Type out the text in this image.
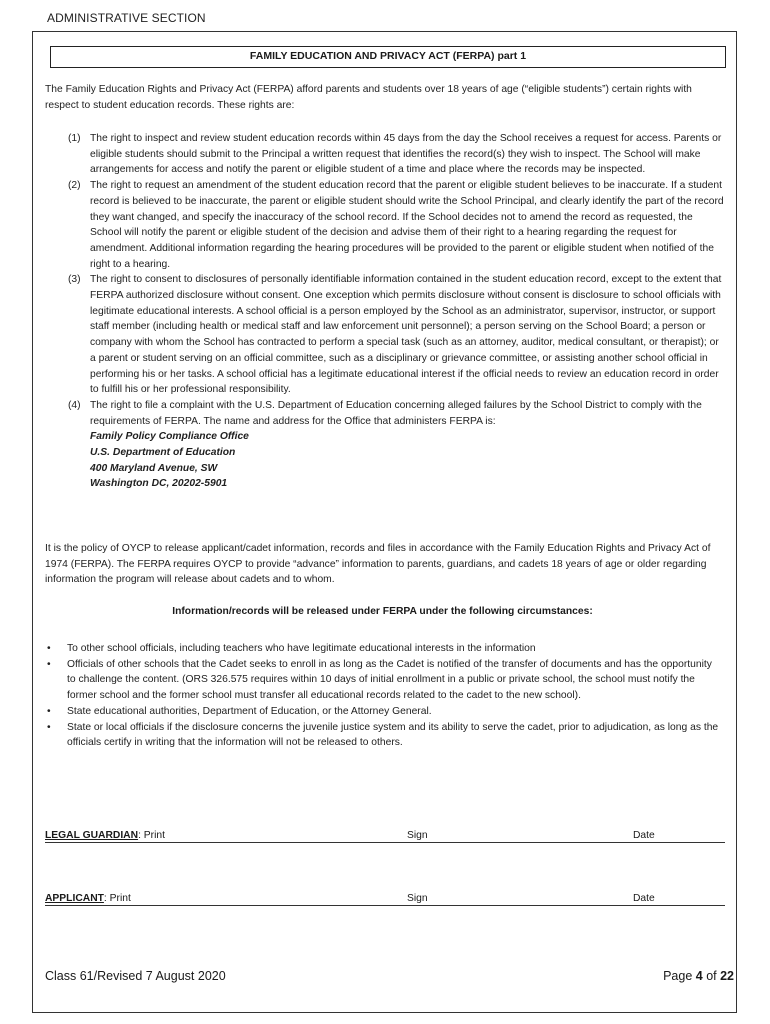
ADMINISTRATIVE SECTION
FAMILY EDUCATION AND PRIVACY ACT (FERPA) part 1
The Family Education Rights and Privacy Act (FERPA) afford parents and students over 18 years of age (“eligible students”) certain rights with respect to student education records. These rights are:
(1) The right to inspect and review student education records within 45 days from the day the School receives a request for access. Parents or eligible students should submit to the Principal a written request that identifies the record(s) they wish to inspect. The School will make arrangements for access and notify the parent or eligible student of a time and place where the records may be inspected.
(2) The right to request an amendment of the student education record that the parent or eligible student believes to be inaccurate. If a student record is believed to be inaccurate, the parent or eligible student should write the School Principal, and clearly identify the part of the record they want changed, and specify the inaccuracy of the school record. If the School decides not to amend the record as requested, the School will notify the parent or eligible student of the decision and advise them of their right to a hearing regarding the request for amendment. Additional information regarding the hearing procedures will be provided to the parent or eligible student when notified of the right to a hearing.
(3) The right to consent to disclosures of personally identifiable information contained in the student education record, except to the extent that FERPA authorized disclosure without consent. One exception which permits disclosure without consent is disclosure to school officials with legitimate educational interests. A school official is a person employed by the School as an administrator, supervisor, instructor, or support staff member (including health or medical staff and law enforcement unit personnel); a person serving on the School Board; a person or company with whom the School has contracted to perform a special task (such as an attorney, auditor, medical consultant, or therapist); or a parent or student serving on an official committee, such as a disciplinary or grievance committee, or assisting another school official in performing his or her tasks. A school official has a legitimate educational interest if the official needs to review an education record in order to fulfill his or her professional responsibility.
(4) The right to file a complaint with the U.S. Department of Education concerning alleged failures by the School District to comply with the requirements of FERPA. The name and address for the Office that administers FERPA is:
Family Policy Compliance Office
U.S. Department of Education
400 Maryland Avenue, SW
Washington DC, 20202-5901
It is the policy of OYCP to release applicant/cadet information, records and files in accordance with the Family Education Rights and Privacy Act of 1974 (FERPA). The FERPA requires OYCP to provide “advance” information to parents, guardians, and cadets 18 years of age or older regarding information the program will release about cadets and to whom.
Information/records will be released under FERPA under the following circumstances:
• To other school officials, including teachers who have legitimate educational interests in the information
• Officials of other schools that the Cadet seeks to enroll in as long as the Cadet is notified of the transfer of documents and has the opportunity to challenge the content. (ORS 326.575 requires within 10 days of initial enrollment in a public or private school, the school must notify the former school and the former school must transfer all educational records related to the cadet to the new school).
• State educational authorities, Department of Education, or the Attorney General.
• State or local officials if the disclosure concerns the juvenile justice system and its ability to serve the cadet, prior to adjudication, as long as the officials certify in writing that the information will not be released to others.
LEGAL GUARDIAN: Print	Sign	Date
APPLICANT: Print	Sign	Date
Class 61/Revised 7 August 2020	Page 4 of 22
